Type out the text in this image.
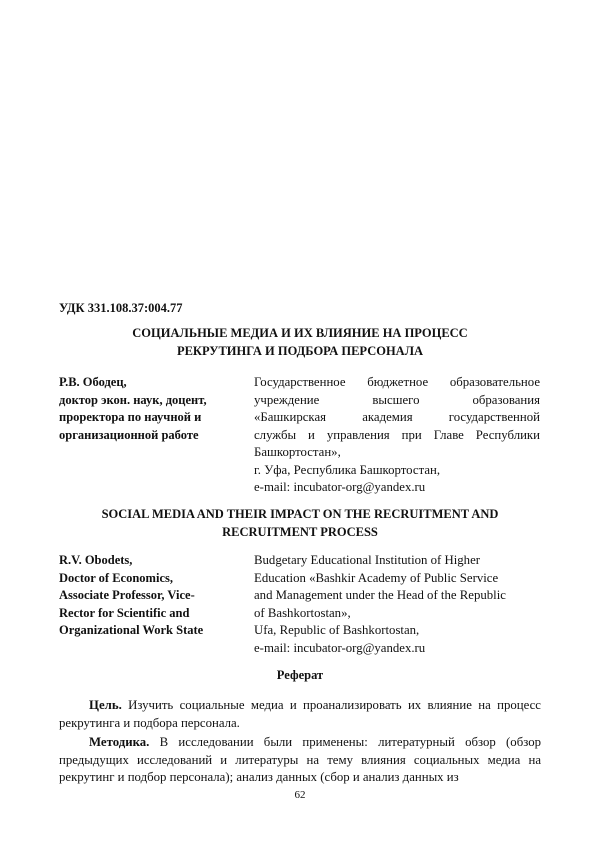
УДК 331.108.37:004.77
СОЦИАЛЬНЫЕ МЕДИА И ИХ ВЛИЯНИЕ НА ПРОЦЕСС
РЕКРУТИНГА И ПОДБОРА ПЕРСОНАЛА
Р.В. Ободец,
доктор экон. наук, доцент,
проректора по научной и
организационной работе
Государственное бюджетное образовательное
учреждение высшего образования
«Башкирская академия государственной
службы и управления при Главе Республики
Башкортостан»,
г. Уфа, Республика Башкортостан,
e-mail: incubator-org@yandex.ru
SOCIAL MEDIA AND THEIR IMPACT ON THE RECRUITMENT AND
RECRUITMENT PROCESS
R.V. Obodets,
Doctor of Economics,
Associate Professor, Vice-
Rector for Scientific and
Organizational Work State
Budgetary Educational Institution of Higher
Education «Bashkir Academy of Public Service
and Management under the Head of the Republic
of Bashkortostan»,
Ufa, Republic of Bashkortostan,
e-mail: incubator-org@yandex.ru
Реферат

Цель. Изучить социальные медиа и проанализировать их влияние на процесс рекрутинга и подбора персонала.

Методика. В исследовании были применены: литературный обзор (обзор предыдущих исследований и литературы на тему влияния социальных медиа на рекрутинг и подбор персонала); анализ данных (сбор и анализ данных из

62
